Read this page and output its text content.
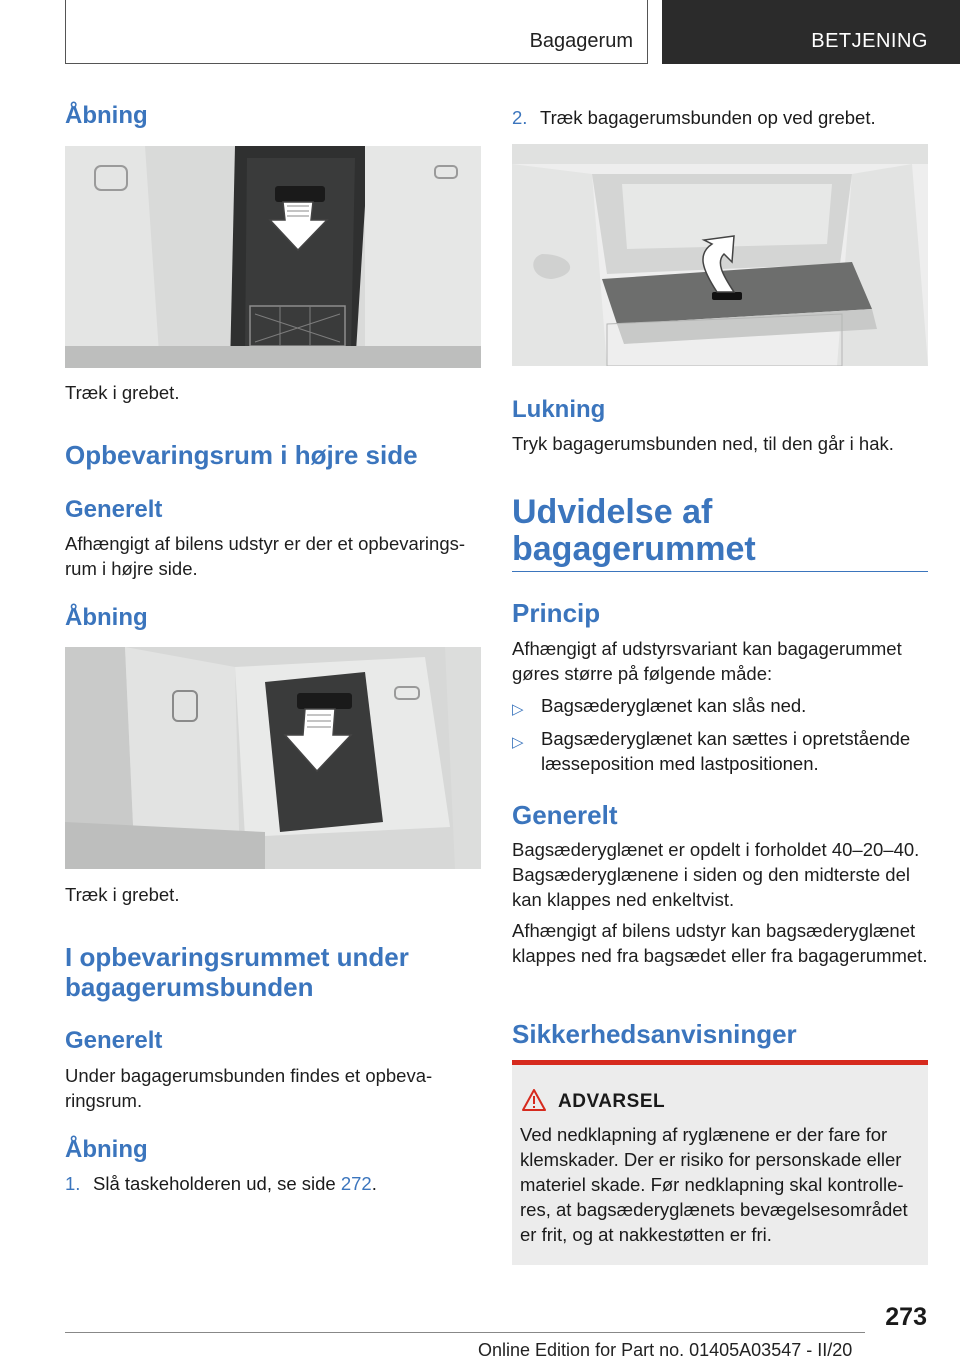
Bagagerum	BETJENING
Åbning
Træk i grebet.
Opbevaringsrum i højre side
Generelt
Afhængigt af bilens udstyr er der et opbevaringsrum i højre side.
Åbning
Træk i grebet.
I opbevaringsrummet under bagagerumsbunden
Generelt
Under bagagerumsbunden findes et opbevaringsrum.
Åbning
1. Slå taskeholderen ud, se side 272.
2. Træk bagagerumsbunden op ved grebet.
Lukning
Tryk bagagerumsbunden ned, til den går i hak.
Udvidelse af bagagerummet
Princip
Afhængigt af udstyrsvariant kan bagagerummet gøres større på følgende måde:
▷ Bagsæderyglænet kan slås ned.
▷ Bagsæderyglænet kan sættes i opretstående læsseposition med lastpositionen.
Generelt
Bagsæderyglænet er opdelt i forholdet 40–20–40. Bagsæderyglænene i siden og den midterste del kan klappes ned enkeltvist.
Afhængigt af bilens udstyr kan bagsæderyglænet klappes ned fra bagsædet eller fra bagagerummet.
Sikkerhedsanvisninger
ADVARSEL
Ved nedklapning af ryglænene er der fare for klemskader. Der er risiko for personskade eller materiel skade. Før nedklapning skal kontrolleres, at bagsæderyglænets bevægelsesområdet er frit, og at nakkestøtten er fri.
273
Online Edition for Part no. 01405A03547 - II/20
